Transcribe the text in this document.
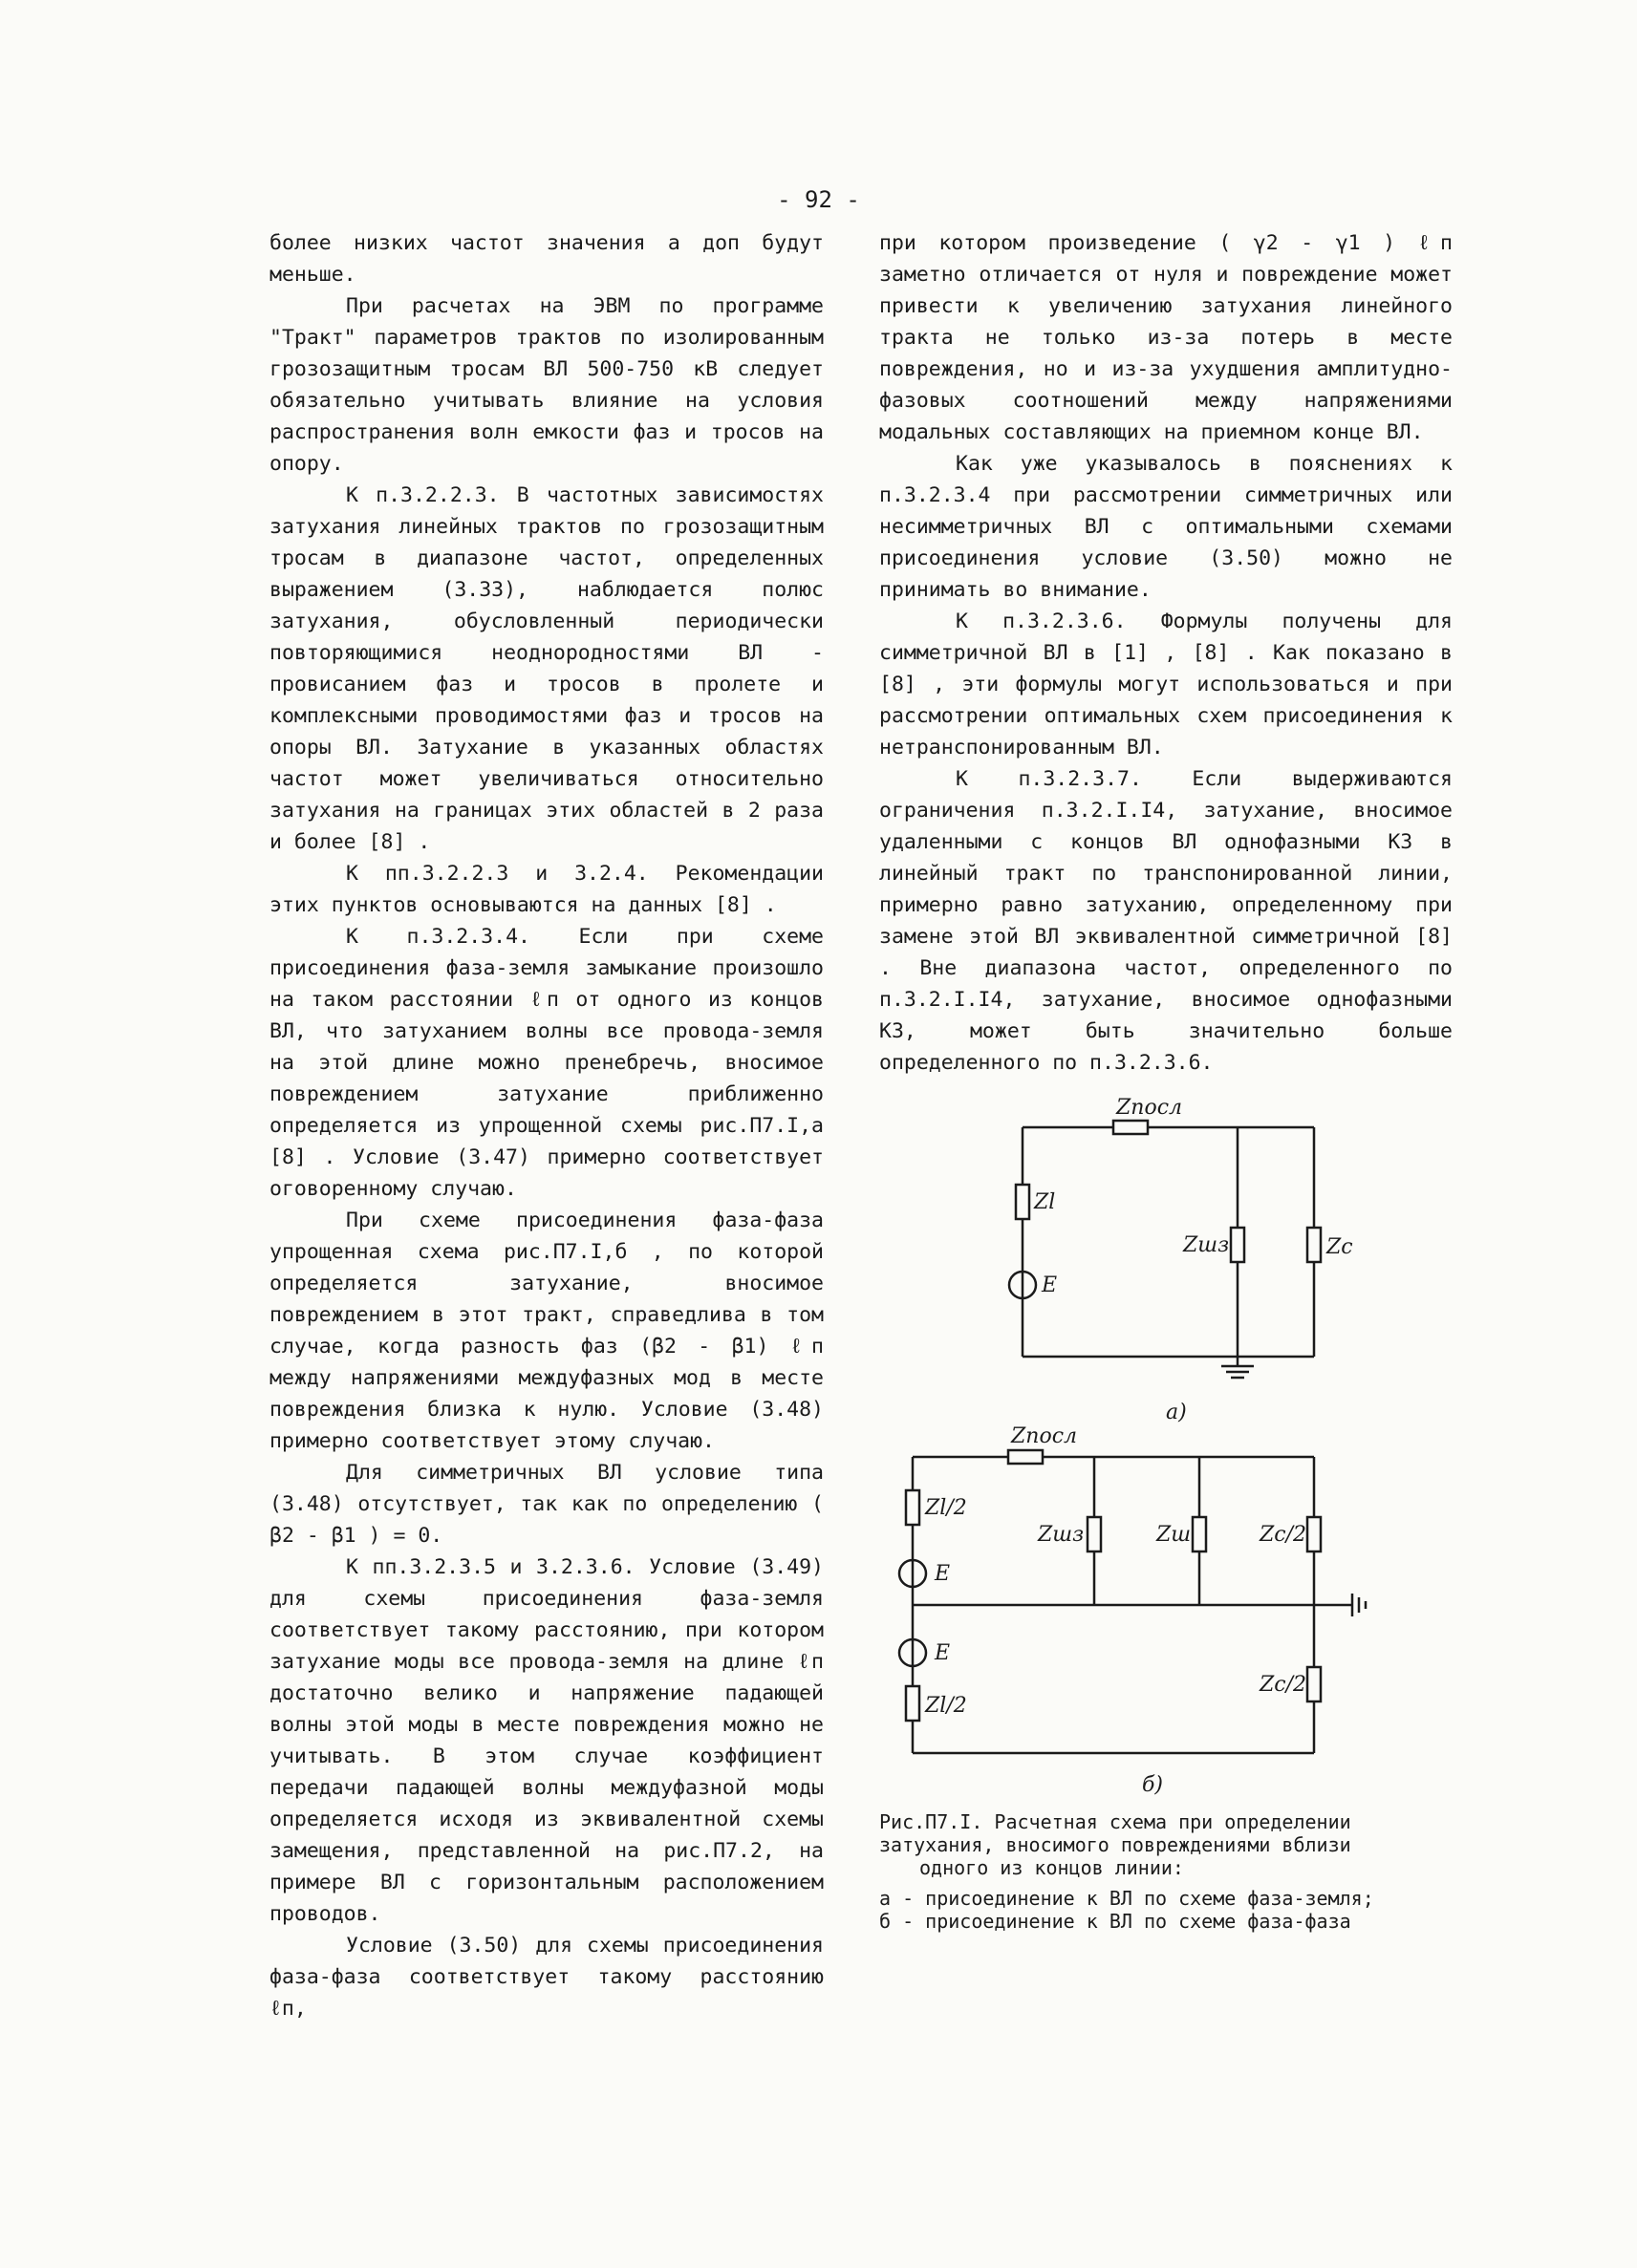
- 92 -

более низких частот значения a доп будут меньше.

При расчетах на ЭВМ по программе "Тракт" параметров трактов по изолированным грозозащитным тросам ВЛ 500-750 кВ следует обязательно учитывать влияние на условия распространения волн емкости фаз и тросов на опору.

К п.3.2.2.3. В частотных зависимостях затухания линейных трактов по грозозащитным тросам в диапазоне частот, определенных выражением (3.33), наблюдается полюс затухания, обусловленный периодически повторяющимися неоднородностями ВЛ - провисанием фаз и тросов в пролете и комплексными проводимостями фаз и тросов на опоры ВЛ. Затухание в указанных областях частот может увеличиваться относительно затухания на границах этих областей в 2 раза и более [8] .

К пп.3.2.2.3 и 3.2.4. Рекомендации этих пунктов основываются на данных [8] .

К п.3.2.3.4. Если при схеме присоединения фаза-земля замыкание произошло на таком расстоянии ℓп от одного из концов ВЛ, что затуханием волны все провода-земля на этой длине можно пренебречь, вносимое повреждением затухание приближенно определяется из упрощенной схемы рис.П7.I,a [8] . Условие (3.47) примерно соответствует оговоренному случаю.

При схеме присоединения фаза-фаза упрощенная схема рис.П7.I,б , по которой определяется затухание, вносимое повреждением в этот тракт, справедлива в том случае, когда разность фаз (β2 - β1) ℓп между напряжениями междуфазных мод в месте повреждения близка к нулю. Условие (3.48) примерно соответствует этому случаю.

Для симметричных ВЛ условие типа (3.48) отсутствует, так как по определению ( β2 - β1 ) = 0.

К пп.3.2.3.5 и 3.2.3.6. Условие (3.49) для схемы присоединения фаза-земля соответствует такому расстоянию, при котором затухание моды все провода-земля на длине ℓп достаточно велико и напряжение падающей волны этой моды в месте повреждения можно не учитывать. В этом случае коэффициент передачи падающей волны междуфазной моды определяется исходя из эквивалентной схемы замещения, представленной на рис.П7.2, на примере ВЛ с горизонтальным расположением проводов.

Условие (3.50) для схемы присоединения фаза-фаза соответствует такому расстоянию ℓп,

при котором произведение ( γ2 - γ1 ) ℓп заметно отличается от нуля и повреждение может привести к увеличению затухания линейного тракта не только из-за потерь в месте повреждения, но и из-за ухудшения амплитудно-фазовых соотношений между напряжениями модальных составляющих на приемном конце ВЛ.

Как уже указывалось в пояснениях к п.3.2.3.4 при рассмотрении симметричных или несимметричных ВЛ с оптимальными схемами присоединения условие (3.50) можно не принимать во внимание.

К п.3.2.3.6. Формулы получены для симметричной ВЛ в [1] , [8] . Как показано в [8] , эти формулы могут использоваться и при рассмотрении оптимальных схем присоединения к нетранспонированным ВЛ.

К п.3.2.3.7. Если выдерживаются ограничения п.3.2.I.I4, затухание, вносимое удаленными с концов ВЛ однофазными КЗ в линейный тракт по транспонированной линии, примерно равно затуханию, определенному при замене этой ВЛ эквивалентной симметричной [8] . Вне диапазона частот, определенного по п.3.2.I.I4, затухание, вносимое однофазными КЗ, может быть значительно больше определенного по п.3.2.3.6.

Zпосл
Zl
E
Zшз	Zc
а)
Zпосл
Zl/2
E
Zшз	Zш	Zc/2
E
Zc/2
Zl/2
б)

Рис.П7.I. Расчетная схема при определении затухания, вносимого повреждениями вблизи

одного из концов линии:

а - присоединение к ВЛ по схеме фаза-земля;

б - присоединение к ВЛ по схеме фаза-фаза
